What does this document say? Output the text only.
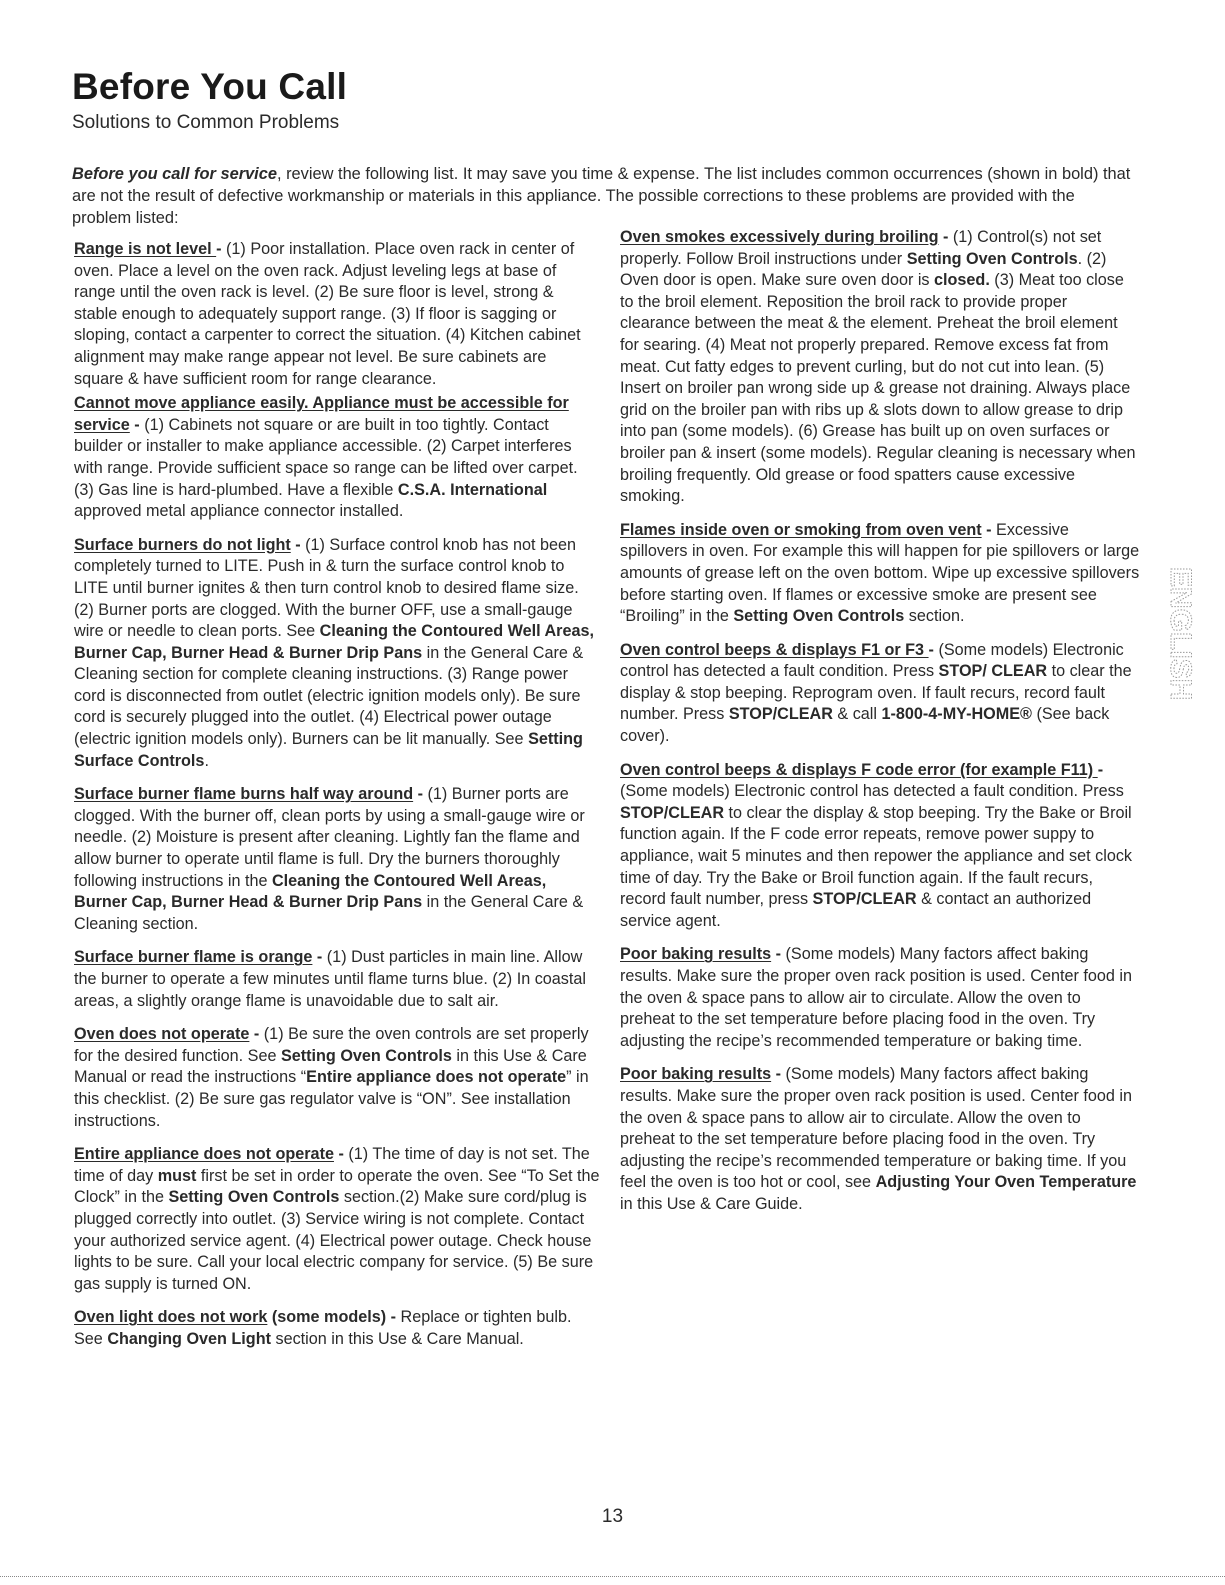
Before You Call
Solutions to Common Problems

Before you call for service, review the following list. It may save you time & expense. The list includes common occurrences (shown in bold) that are not the result of defective workmanship or materials in this appliance. The possible corrections to these problems are provided with the problem listed:

Range is not level - (1) Poor installation. Place oven rack in center of oven. Place a level on the oven rack. Adjust leveling legs at base of range until the oven rack is level. (2) Be sure floor is level, strong & stable enough to adequately support range. (3) If floor is sagging or sloping, contact a carpenter to correct the situation. (4) Kitchen cabinet alignment may make range appear not level. Be sure cabinets are square & have sufficient room for range clearance.

Cannot move appliance easily. Appliance must be accessible for service - (1) Cabinets not square or are built in too tightly. Contact builder or installer to make appliance accessible. (2) Carpet interferes with range. Provide sufficient space so range can be lifted over carpet. (3) Gas line is hard-plumbed. Have a flexible C.S.A. International approved metal appliance connector installed.

Surface burners do not light - (1) Surface control knob has not been completely turned to LITE. Push in & turn the surface control knob to LITE until burner ignites & then turn control knob to desired flame size. (2) Burner ports are clogged. With the burner OFF, use a small-gauge wire or needle to clean ports. See Cleaning the Contoured Well Areas, Burner Cap, Burner Head & Burner Drip Pans in the General Care & Cleaning section for complete cleaning instructions. (3) Range power cord is disconnected from outlet (electric ignition models only). Be sure cord is securely plugged into the outlet. (4) Electrical power outage (electric ignition models only). Burners can be lit manually. See Setting Surface Controls.

Surface burner flame burns half way around - (1) Burner ports are clogged. With the burner off, clean ports by using a small-gauge wire or needle. (2) Moisture is present after cleaning. Lightly fan the flame and allow burner to operate until flame is full. Dry the burners thoroughly following instructions in the Cleaning the Contoured Well Areas, Burner Cap, Burner Head & Burner Drip Pans in the General Care & Cleaning section.

Surface burner flame is orange - (1) Dust particles in main line. Allow the burner to operate a few minutes until flame turns blue. (2) In coastal areas, a slightly orange flame is unavoidable due to salt air.

Oven does not operate - (1) Be sure the oven controls are set properly for the desired function. See Setting Oven Controls in this Use & Care Manual or read the instructions “Entire appliance does not operate” in this checklist. (2) Be sure gas regulator valve is “ON”. See installation instructions.

Entire appliance does not operate - (1) The time of day is not set. The time of day must first be set in order to operate the oven. See “To Set the Clock” in the Setting Oven Controls section.(2) Make sure cord/plug is plugged correctly into outlet. (3) Service wiring is not complete. Contact your authorized service agent. (4) Electrical power outage. Check house lights to be sure. Call your local electric company for service. (5) Be sure gas supply is turned ON.

Oven light does not work (some models) - Replace or tighten bulb. See Changing Oven Light section in this Use & Care Manual.

Oven smokes excessively during broiling - (1) Control(s) not set properly. Follow Broil instructions under Setting Oven Controls. (2) Oven door is open. Make sure oven door is closed. (3) Meat too close to the broil element. Reposition the broil rack to provide proper clearance between the meat & the element. Preheat the broil element for searing. (4) Meat not properly prepared. Remove excess fat from meat. Cut fatty edges to prevent curling, but do not cut into lean. (5) Insert on broiler pan wrong side up & grease not draining. Always place grid on the broiler pan with ribs up & slots down to allow grease to drip into pan (some models). (6) Grease has built up on oven surfaces or broiler pan & insert (some models). Regular cleaning is necessary when broiling frequently. Old grease or food spatters cause excessive smoking.

Flames inside oven or smoking from oven vent - Excessive spillovers in oven. For example this will happen for pie spillovers or large amounts of grease left on the oven bottom. Wipe up excessive spillovers before starting oven. If flames or excessive smoke are present see “Broiling” in the Setting Oven Controls section.

Oven control beeps & displays F1 or F3 - (Some models) Electronic control has detected a fault condition. Press STOP/ CLEAR to clear the display & stop beeping. Reprogram oven. If fault recurs, record fault number. Press STOP/CLEAR & call 1-800-4-MY-HOME® (See back cover).

Oven control beeps & displays F code error (for example F11) - (Some models) Electronic control has detected a fault condition. Press STOP/CLEAR to clear the display & stop beeping. Try the Bake or Broil function again. If the F code error repeats, remove power suppy to appliance, wait 5 minutes and then repower the appliance and set clock time of day. Try the Bake or Broil function again. If the fault recurs, record fault number, press STOP/CLEAR & contact an authorized service agent.

Poor baking results - (Some models) Many factors affect baking results. Make sure the proper oven rack position is used. Center food in the oven & space pans to allow air to circulate. Allow the oven to preheat to the set temperature before placing food in the oven. Try adjusting the recipe’s recommended temperature or baking time.

Poor baking results - (Some models) Many factors affect baking results. Make sure the proper oven rack position is used. Center food in the oven & space pans to allow air to circulate. Allow the oven to preheat to the set temperature before placing food in the oven. Try adjusting the recipe’s recommended temperature or baking time. If you feel the oven is too hot or cool, see Adjusting Your Oven Temperature in this Use & Care Guide.

ENGLISH
13
